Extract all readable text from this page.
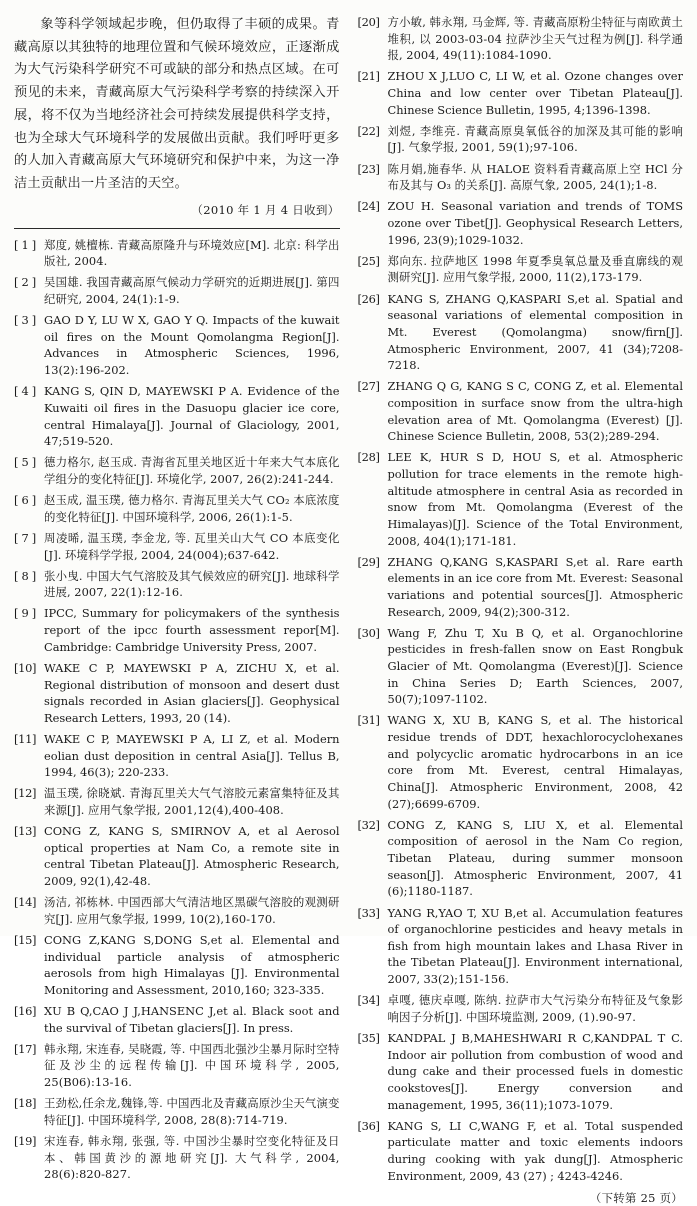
象等科学领域起步晚，但仍取得了丰硕的成果。青藏高原以其独特的地理位置和气候环境效应，正逐渐成为大气污染科学研究不可或缺的部分和热点区域。在可预见的未来，青藏高原大气污染科学考察的持续深入开展，将不仅为当地经济社会可持续发展提供科学支持，也为全球大气环境科学的发展做出贡献。我们呼吁更多的人加入青藏高原大气环境研究和保护中来，为这一净洁土贡献出一片圣洁的天空。

（2010 年 1 月 4 日收到）
[ 1 ] 郑度, 姚檀栋. 青藏高原隆升与环境效应[M]. 北京: 科学出版社, 2004.
[ 2 ] 吴国雄. 我国青藏高原气候动力学研究的近期进展[J]. 第四纪研究, 2004, 24(1):1-9.
[ 3 ] GAO D Y, LU W X, GAO Y Q. Impacts of the kuwait oil fires on the Mount Qomolangma Region[J]. Advances in Atmospheric Sciences, 1996, 13(2):196-202.
[ 4 ] KANG S, QIN D, MAYEWSKI P A. Evidence of the Kuwaiti oil fires in the Dasuopu glacier ice core, central Himalaya[J]. Journal of Glaciology, 2001, 47;519-520.
[ 5 ] 德力格尔, 赵玉成. 青海省瓦里关地区近十年来大气本底化学组分的变化特征[J]. 环境化学, 2007, 26(2):241-244.
[ 6 ] 赵玉成, 温玉璞, 德力格尔. 青海瓦里关大气 CO₂ 本底浓度的变化特征[J]. 中国环境科学, 2006, 26(1):1-5.
[ 7 ] 周凌晞, 温玉璞, 李金龙, 等. 瓦里关山大气 CO 本底变化[J]. 环境科学学报, 2004, 24(004);637-642.
[ 8 ] 张小曳. 中国大气气溶胶及其气候效应的研究[J]. 地球科学进展, 2007, 22(1):12-16.
[ 9 ] IPCC, Summary for policymakers of the synthesis report of the ipcc fourth assessment repor[M]. Cambridge: Cambridge University Press, 2007.
[10] WAKE C P, MAYEWSKI P A, ZICHU X, et al. Regional distribution of monsoon and desert dust signals recorded in Asian glaciers[J]. Geophysical Research Letters, 1993, 20 (14).
[11] WAKE C P, MAYEWSKI P A, LI Z, et al. Modern eolian dust deposition in central Asia[J]. Tellus B, 1994, 46(3); 220-233.
[12] 温玉璞, 徐晓斌. 青海瓦里关大气气溶胶元素富集特征及其来源[J]. 应用气象学报, 2001,12(4),400-408.
[13] CONG Z, KANG S, SMIRNOV A, et al Aerosol optical properties at Nam Co, a remote site in central Tibetan Plateau[J]. Atmospheric Research, 2009, 92(1),42-48.
[14] 汤洁, 祁栋林. 中国西部大气清洁地区黑碳气溶胶的观测研究[J]. 应用气象学报, 1999, 10(2),160-170.
[15] CONG Z,KANG S,DONG S,et al. Elemental and individual particle analysis of atmospheric aerosols from high Himalayas [J]. Environmental Monitoring and Assessment, 2010,160; 323-335.
[16] XU B Q,CAO J J,HANSENC J,et al. Black soot and the survival of Tibetan glaciers[J]. In press.
[17] 韩永翔, 宋连春, 吴晓霞, 等. 中国西北强沙尘暴月际时空特征及沙尘的远程传输[J]. 中国环境科学, 2005, 25(B06):13-16.
[18] 王劲松,任余龙,魏锋,等. 中国西北及青藏高原沙尘天气演变特征[J]. 中国环境科学, 2008, 28(8):714-719.
[19] 宋连春, 韩永翔, 张强, 等. 中国沙尘暴时空变化特征及日本、韩国黄沙的源地研究[J]. 大气科学, 2004, 28(6):820-827.
[20] 方小敏, 韩永翔, 马金辉, 等. 青藏高原粉尘特征与南欧黄土堆积, 以 2003-03-04 拉萨沙尘天气过程为例[J]. 科学通报, 2004, 49(11):1084-1090.
[21] ZHOU X J,LUO C, LI W, et al. Ozone changes over China and low center over Tibetan Plateau[J]. Chinese Science Bulletin, 1995, 4;1396-1398.
[22] 刘煜, 李维亮. 青藏高原臭氧低谷的加深及其可能的影响[J]. 气象学报, 2001, 59(1);97-106.
[23] 陈月娟,施春华. 从 HALOE 资料看青藏高原上空 HCl 分布及其与 O₃ 的关系[J]. 高原气象, 2005, 24(1);1-8.
[24] ZOU H. Seasonal variation and trends of TOMS ozone over Tibet[J]. Geophysical Research Letters, 1996, 23(9);1029-1032.
[25] 郑向东. 拉萨地区 1998 年夏季臭氧总量及垂直廓线的观测研究[J]. 应用气象学报, 2000, 11(2),173-179.
[26] KANG S, ZHANG Q,KASPARI S,et al. Spatial and seasonal variations of elemental composition in Mt. Everest (Qomolangma) snow/firn[J]. Atmospheric Environment, 2007, 41 (34);7208-7218.
[27] ZHANG Q G, KANG S C, CONG Z, et al. Elemental composition in surface snow from the ultra-high elevation area of Mt. Qomolangma (Everest) [J]. Chinese Science Bulletin, 2008, 53(2);289-294.
[28] LEE K, HUR S D, HOU S, et al. Atmospheric pollution for trace elements in the remote high-altitude atmosphere in central Asia as recorded in snow from Mt. Qomolangma (Everest of the Himalayas)[J]. Science of the Total Environment, 2008, 404(1);171-181.
[29] ZHANG Q,KANG S,KASPARI S,et al. Rare earth elements in an ice core from Mt. Everest: Seasonal variations and potential sources[J]. Atmospheric Research, 2009, 94(2);300-312.
[30] Wang F, Zhu T, Xu B Q, et al. Organochlorine pesticides in fresh-fallen snow on East Rongbuk Glacier of Mt. Qomolangma (Everest)[J]. Science in China Series D; Earth Sciences, 2007, 50(7);1097-1102.
[31] WANG X, XU B, KANG S, et al. The historical residue trends of DDT, hexachlorocyclohexanes and polycyclic aromatic hydrocarbons in an ice core from Mt. Everest, central Himalayas, China[J]. Atmospheric Environment, 2008, 42 (27);6699-6709.
[32] CONG Z, KANG S, LIU X, et al. Elemental composition of aerosol in the Nam Co region, Tibetan Plateau, during summer monsoon season[J]. Atmospheric Environment, 2007, 41 (6);1180-1187.
[33] YANG R,YAO T, XU B,et al. Accumulation features of organochlorine pesticides and heavy metals in fish from high mountain lakes and Lhasa River in the Tibetan Plateau[J]. Environment international, 2007, 33(2);151-156.
[34] 卓嘎, 德庆卓嘎, 陈纳. 拉萨市大气污染分布特征及气象影响因子分析[J]. 中国环境监测, 2009, (1).90-97.
[35] KANDPAL J B,MAHESHWARI R C,KANDPAL T C. Indoor air pollution from combustion of wood and dung cake and their processed fuels in domestic cookstoves[J]. Energy conversion and management, 1995, 36(11);1073-1079.
[36] KANG S, LI C,WANG F, et al. Total suspended particulate matter and toxic elements indoors during cooking with yak dung[J]. Atmospheric Environment, 2009, 43 (27) ; 4243-4246.
（下转第 25 页）
